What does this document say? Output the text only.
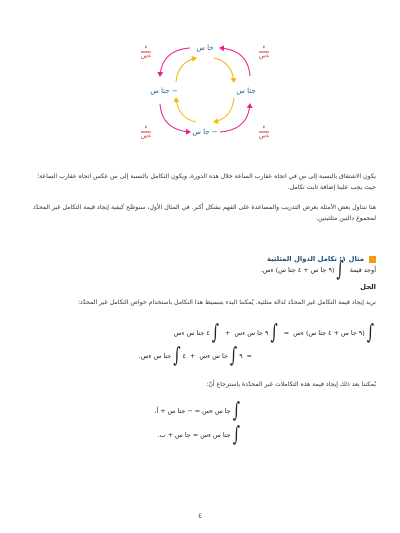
جا س
− جتا س	جتا س
− جا س
ء
ءس
ء
ءس
ء
ءس
ء
ءس

يكون الاشتقاق بالنسبة إلى س في اتجاه عقارب الساعة خلال هذه الدورة، ويكون التكامل بالنسبة إلى س عكس اتجاه عقارب الساعة؛ حيث يجب علينا إضافة ثابت تكامل.

هنا نتناول بعض الأمثلة بغرض التدريب والمساعدة على الفهم بشكل أكبر. في المثال الأول، سنوضّح كيفية إيجاد قيمة التكامل غير المحدّد لمجموع دالتين مثلثيتين.

مثال ١: تكامل الدوال المثلثية
أوجد قيمة
∫
(٩ جا س + ٤ جتا س) ءس.
الحل

نريد إيجاد قيمة التكامل غير المحدّد لدالة مثلثية. يُمكننا البدء بتبسيط هذا التكامل باستخدام خواص التكامل غير المحدّد:

∫
(٩ جا س + ٤ جتا س) ءس
=
∫
٩ جا س ءس
+
∫
٤ جتا س ءس
=
٩
∫
جا س ءس
+
٤
∫
جتا س ءس.

يُمكننا بعد ذلك إيجاد قيمة هذه التكاملات غير المحدّدة باسترجاع أنّ:

∫
جا س ءس = − جتا س + أ،
∫
جتا س ءس = جا س + ب.
٤
